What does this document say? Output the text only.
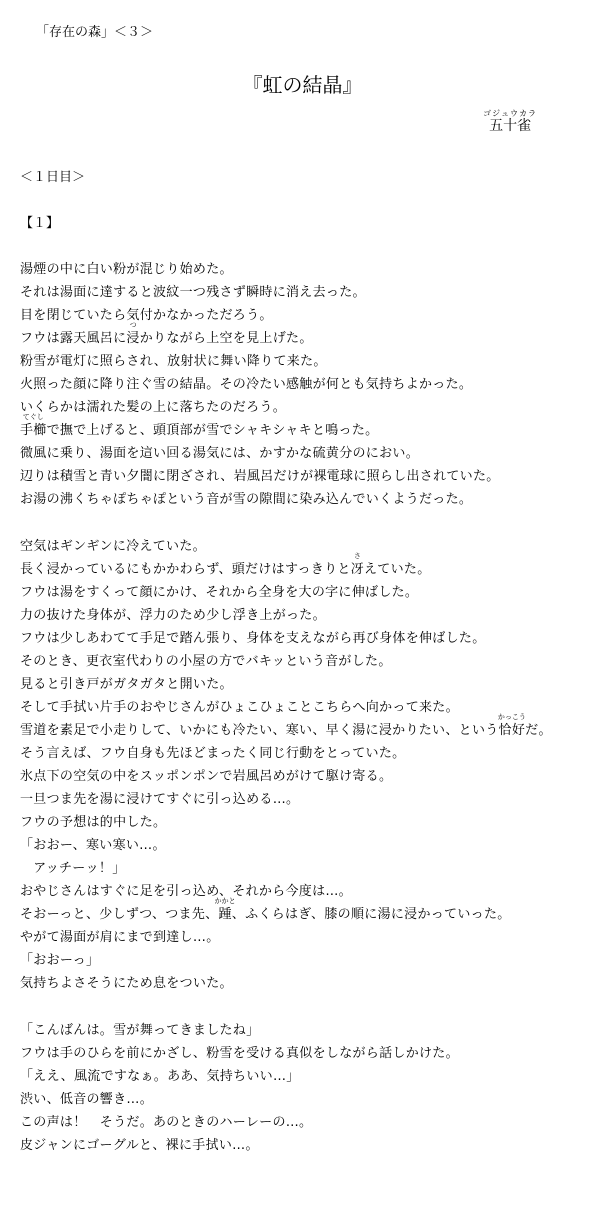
「存在の森」＜３＞
『虹の結晶』
ゴジュウカラ
五十雀
＜１日目＞
【１】
湯煙の中に白い粉が混じり始めた。
それは湯面に達すると波紋一つ残さず瞬時に消え去った。
目を閉じていたら気付かなかっただろう。
フウは露天風呂に
つ
浸かりながら上空を見上げた。
粉雪が電灯に照らされ、放射状に舞い降りて来た。
火照った顔に降り注ぐ雪の結晶。その冷たい感触が何とも気持ちよかった。
いくらかは濡れた髪の上に落ちたのだろう。
てぐし
手櫛で撫で上げると、頭頂部が雪でシャキシャキと鳴った。
微風に乗り、湯面を這い回る湯気には、かすかな硫黄分のにおい。
辺りは積雪と青い夕闇に閉ざされ、岩風呂だけが裸電球に照らし出されていた。
お湯の沸くちゃぽちゃぽという音が雪の隙間に染み込んでいくようだった。
空気はギンギンに冷えていた。
長く浸かっているにもかかわらず、頭だけはすっきりと
さ
冴えていた。
フウは湯をすくって顔にかけ、それから全身を大の字に伸ばした。
力の抜けた身体が、浮力のため少し浮き上がった。
フウは少しあわてて手足で踏ん張り、身体を支えながら再び身体を伸ばした。
そのとき、更衣室代わりの小屋の方でバキッという音がした。
見ると引き戸がガタガタと開いた。
そして手拭い片手のおやじさんがひょこひょことこちらへ向かって来た。
雪道を素足で小走りして、いかにも冷たい、寒い、早く湯に浸かりたい、という
かっこう
恰好だ。
そう言えば、フウ自身も先ほどまったく同じ行動をとっていた。
氷点下の空気の中をスッポンポンで岩風呂めがけて駆け寄る。
一旦つま先を湯に浸けてすぐに引っ込める…。
フウの予想は的中した。
「おおー、寒い寒い…。
　アッチーッ！」
おやじさんはすぐに足を引っ込め、それから今度は…。
そおーっと、少しずつ、つま先、
かかと
踵、ふくらはぎ、膝の順に湯に浸かっていった。
やがて湯面が肩にまで到達し…。
「おおーっ」
気持ちよさそうにため息をついた。
「こんばんは。雪が舞ってきましたね」
フウは手のひらを前にかざし、粉雪を受ける真似をしながら話しかけた。
「ええ、風流ですなぁ。ああ、気持ちいい…」
渋い、低音の響き…。
この声は！　そうだ。あのときのハーレーの…。
皮ジャンにゴーグルと、裸に手拭い…。
